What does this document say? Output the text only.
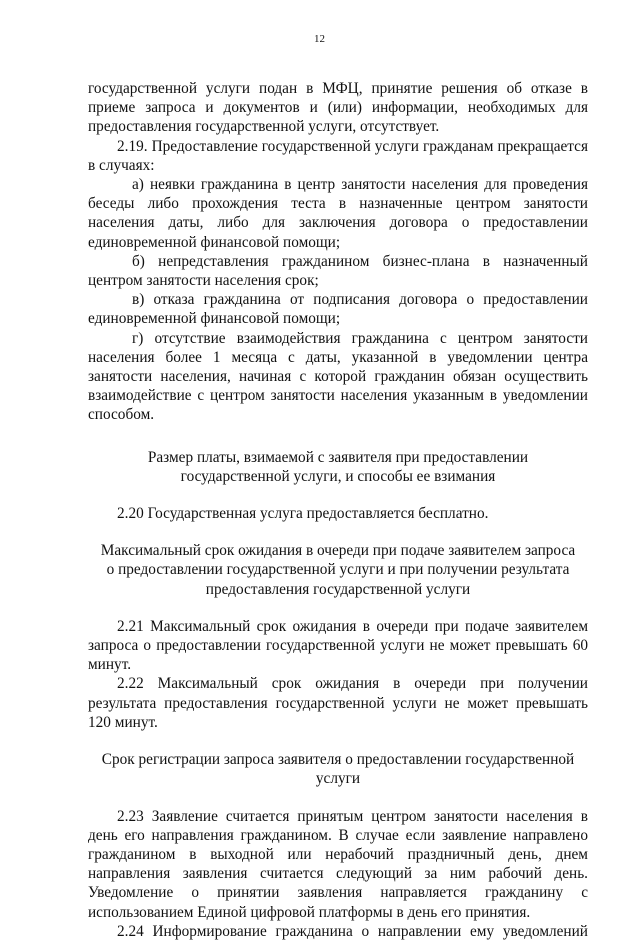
12

государственной услуги подан в МФЦ, принятие решения об отказе в приеме запроса и документов и (или) информации, необходимых для предоставления государственной услуги, отсутствует.

2.19. Предоставление государственной услуги гражданам прекращается в случаях:

а) неявки гражданина в центр занятости населения для проведения беседы либо прохождения теста в назначенные центром занятости населения даты, либо для заключения договора о предоставлении единовременной финансовой помощи;

б) непредставления гражданином бизнес-плана в назначенный центром занятости населения срок;

в) отказа гражданина от подписания договора о предоставлении единовременной финансовой помощи;

г) отсутствие взаимодействия гражданина с центром занятости населения более 1 месяца с даты, указанной в уведомлении центра занятости населения, начиная с которой гражданин обязан осуществить взаимодействие с центром занятости населения указанным в уведомлении способом.

Размер платы, взимаемой с заявителя при предоставлении государственной услуги, и способы ее взимания

2.20 Государственная услуга предоставляется бесплатно.

Максимальный срок ожидания в очереди при подаче заявителем запроса о предоставлении государственной услуги и при получении результата предоставления государственной услуги

2.21 Максимальный срок ожидания в очереди при подаче заявителем запроса о предоставлении государственной услуги не может превышать 60 минут.

2.22 Максимальный срок ожидания в очереди при получении результата предоставления государственной услуги не может превышать 120 минут.

Срок регистрации запроса заявителя о предоставлении государственной услуги

2.23 Заявление считается принятым центром занятости населения в день его направления гражданином. В случае если заявление направлено гражданином в выходной или нерабочий праздничный день, днем направления заявления считается следующий за ним рабочий день. Уведомление о принятии заявления направляется гражданину с использованием Единой цифровой платформы в день его принятия.

2.24 Информирование гражданина о направлении ему уведомлений
